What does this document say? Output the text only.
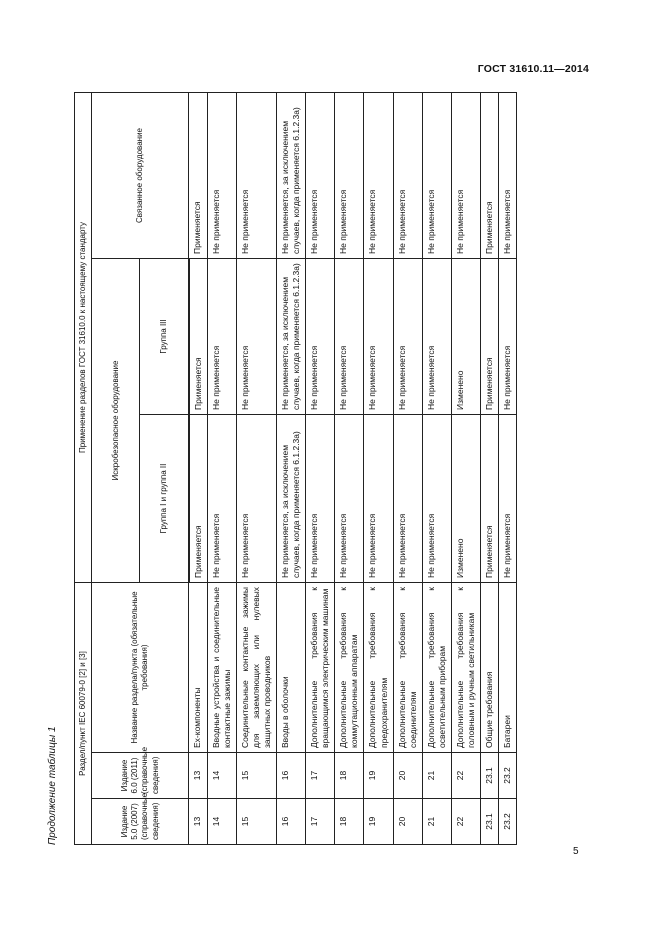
ГОСТ 31610.11—2014
Продолжение таблицы 1
Раздел/пункт IEC 60079-0 [2] и [3]			Применение разделов ГОСТ 31610.0 к настоящему стандарту		
Издание 5.0 (2007) (справочные сведения)	Издание 6.0 (2011) (справочные сведения)	Название раздела/пункта (обязательные требования)	Искробезопасное оборудование		Связанное оборудование
			Группа I и группа II	Группа III	
13	13	Ex-компоненты	Применяется	Применяется	Применяется
14	14	Вводные устройства и соединительные контактные зажимы	Не применяется	Не применяется	Не применяется
15	15	Соединительные контактные зажимы для заземляющих или нулевых защитных проводников	Не применяется	Не применяется	Не применяется
16	16	Вводы в оболочки	Не применяется, за исключением случаев, когда применяется 6.1.2.3а)	Не применяется, за исключением случаев, когда применяется 6.1.2.3а)	Не применяется, за исключением случаев, когда применяется 6.1.2.3а)
17	17	Дополнительные требования к вращающимся электрическим машинам	Не применяется	Не применяется	Не применяется
18	18	Дополнительные требования к коммутационным аппаратам	Не применяется	Не применяется	Не применяется
19	19	Дополнительные требования к предохранителям	Не применяется	Не применяется	Не применяется
20	20	Дополнительные требования к соединителям	Не применяется	Не применяется	Не применяется
21	21	Дополнительные требования к осветительным приборам	Не применяется	Не применяется	Не применяется
22	22	Дополнительные требования к головным и ручным светильникам	Изменено	Изменено	Не применяется
23.1	23.1	Общие требования	Применяется	Применяется	Применяется
23.2	23.2	Батареи	Не применяется	Не применяется	Не применяется
5
